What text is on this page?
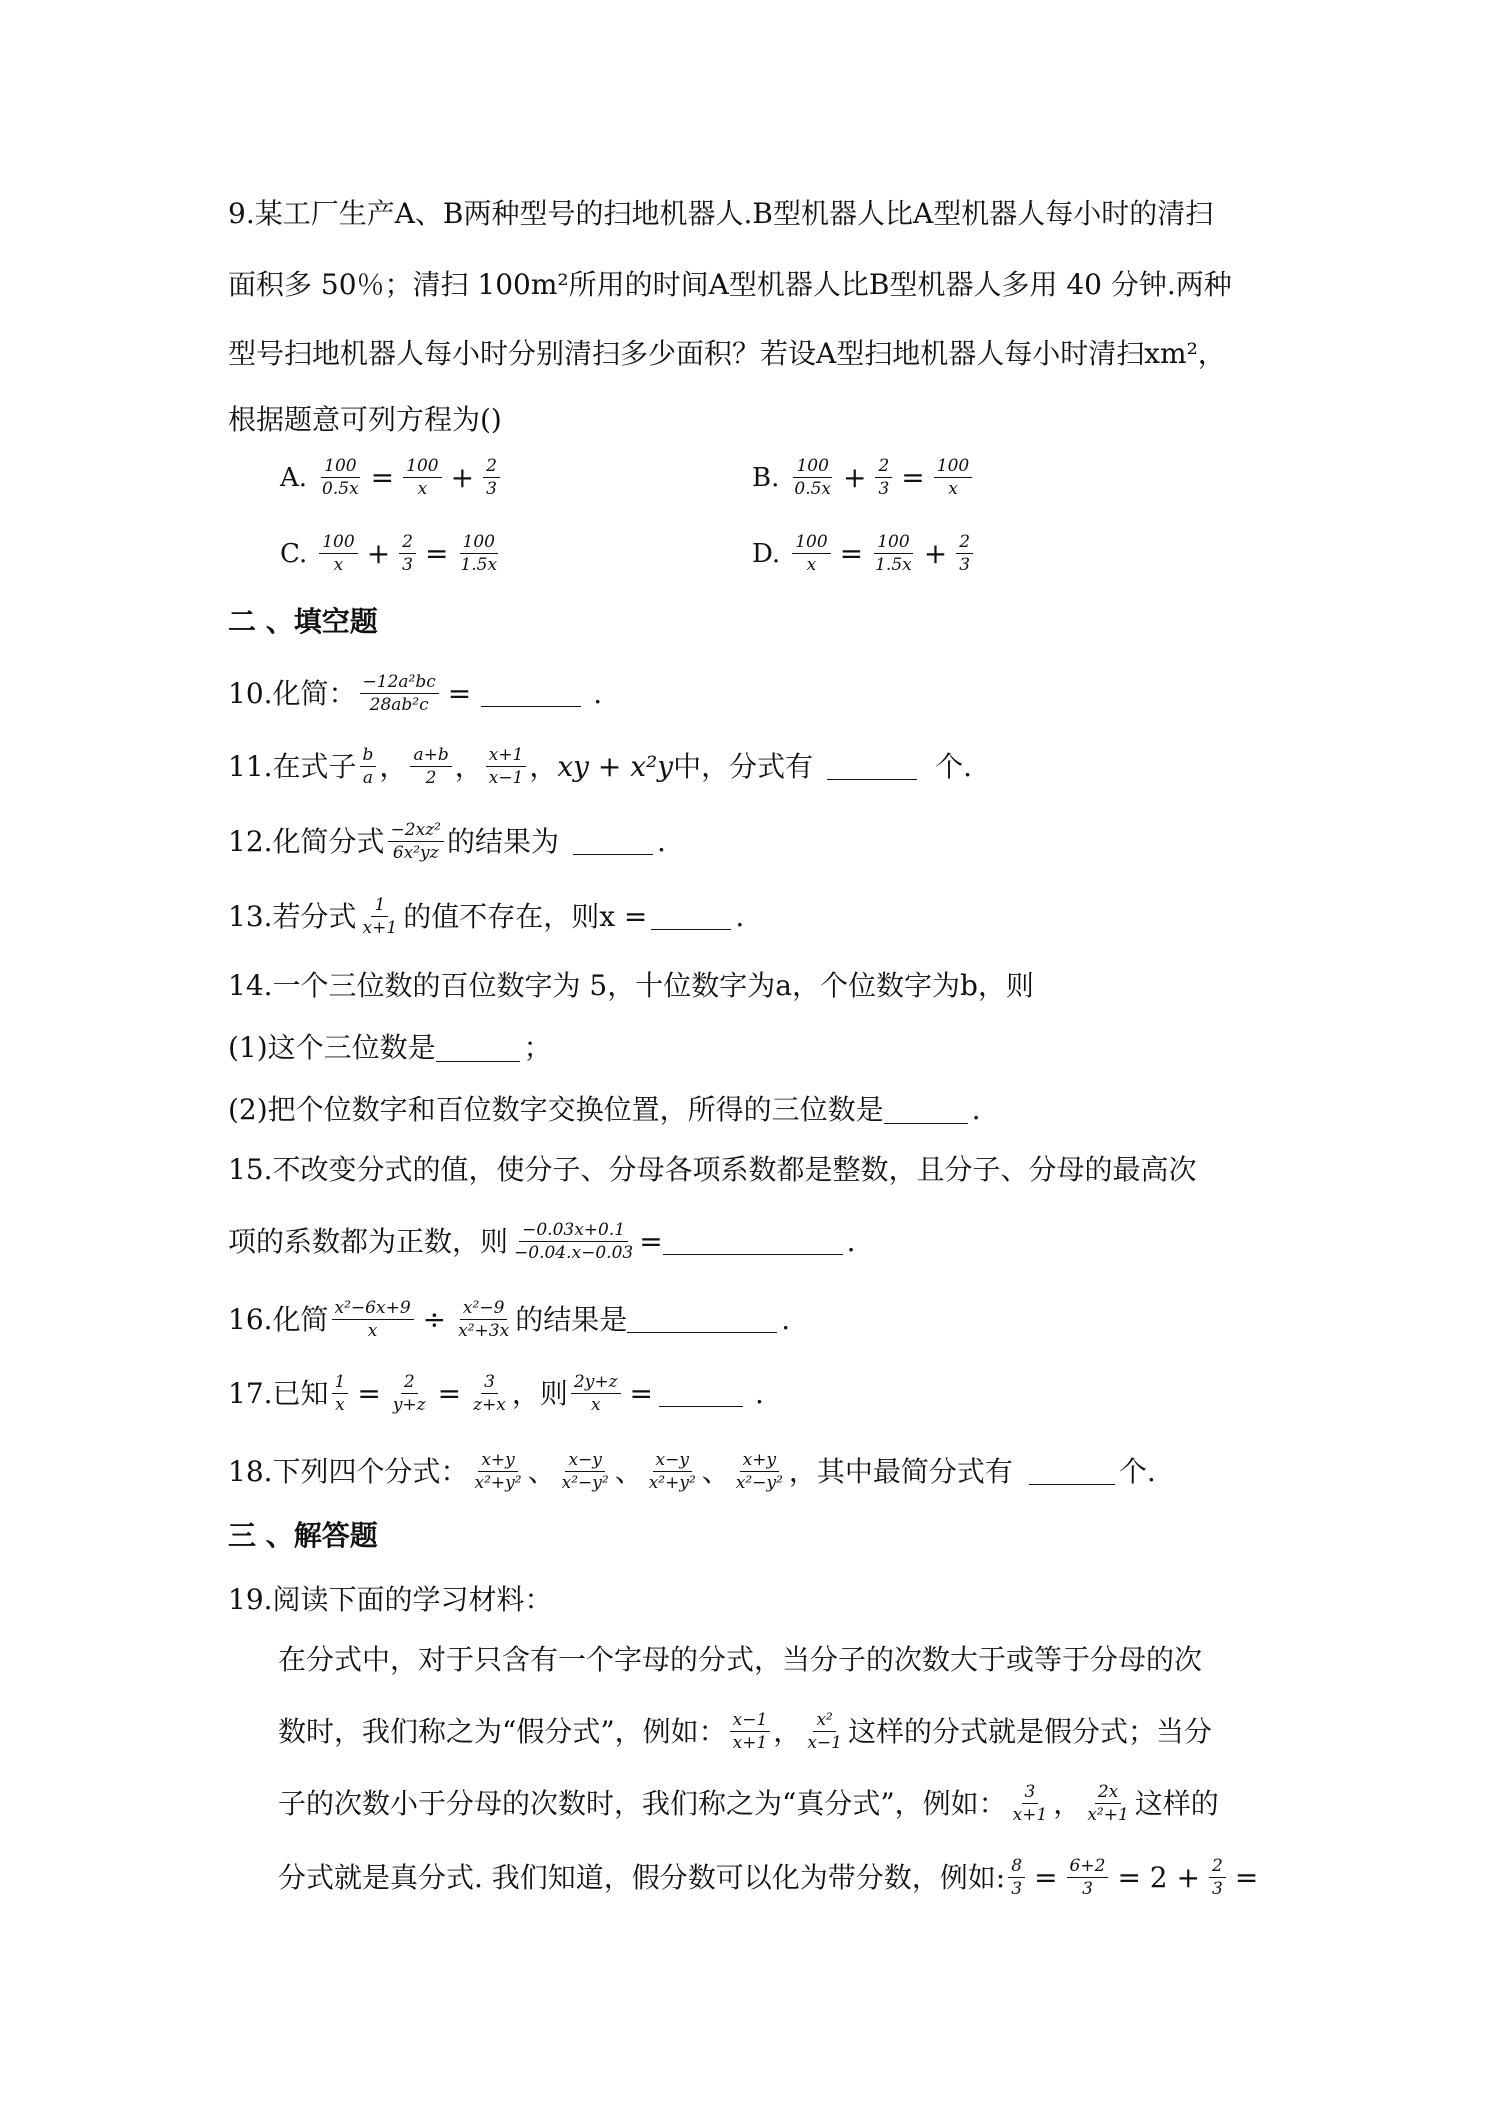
9.某工厂生产A、B两种型号的扫地机器人.B型机器人比A型机器人每小时的清扫
面积多 50％；清扫 100m²所用的时间A型机器人比B型机器人多用 40 分钟.两种
型号扫地机器人每小时分别清扫多少面积？若设A型扫地机器人每小时清扫xm²，
根据题意可列方程为()
A. $\frac{100}{0.5x} = \frac{100}{x} + \frac{2}{3}$	B. $\frac{100}{0.5x} + \frac{2}{3} = \frac{100}{x}$
C. $\frac{100}{x} + \frac{2}{3} = \frac{100}{1.5x}$	D. $\frac{100}{x} = \frac{100}{1.5x} + \frac{2}{3}$
二 、填空题
10.化简： $\frac{\text{−12a²bc}}{\text{28ab²c}}$ =	.
11.在式子 $\frac{b}{a}$ ， $\frac{a+b}{2}$ ， $\frac{x+1}{x-1}$ ， xy + x²y 中，分式有	个.
12.化简分式 $\frac{\text{−2xz²}}{\text{6x²yz}}$ 的结果为	.
13.若分式 $\frac{1}{x+1}$ 的值不存在，则x =	.
14.一个三位数的百位数字为 5，十位数字为a，个位数字为b，则
(1)这个三位数是	；
(2)把个位数字和百位数字交换位置，所得的三位数是	.
15.不改变分式的值，使分子、分母各项系数都是整数，且分子、分母的最高次
项的系数都为正数，则 $\frac{-0.03x+0.1}{-0.04.x-0.03}$ =	.
16.化简 $\frac{\text{x²−6x+9}}{x} \div \frac{\text{x²−9}}{\text{x²+3x}}$ 的结果是	.
17.已知 $\frac{1}{x} = \frac{2}{y+z} = \frac{3}{z+x}$ ，则 $\frac{2y+z}{x}$ =	.
18.下列四个分式： $\frac{x+y}{\text{x²+y²}}$ 、 $\frac{x-y}{\text{x²−y²}}$ 、 $\frac{x-y}{\text{x²+y²}}$ 、 $\frac{x+y}{\text{x²−y²}}$ ，其中最简分式有	个.
三 、解答题
19.阅读下面的学习材料：
在分式中，对于只含有一个字母的分式，当分子的次数大于或等于分母的次
数时，我们称之为“假分式”，例如： $\frac{x-1}{x+1}$ ， $\frac{\text{x²}}{x-1}$ 这样的分式就是假分式；当分
子的次数小于分母的次数时，我们称之为“真分式”，例如： $\frac{3}{x+1}$ ， $\frac{2x}{\text{x²+1}}$ 这样的
分式就是真分式. 我们知道，假分数可以化为带分数，例如: $\frac{8}{3} = \frac{6+2}{3} = 2 + \frac{2}{3}$ =
